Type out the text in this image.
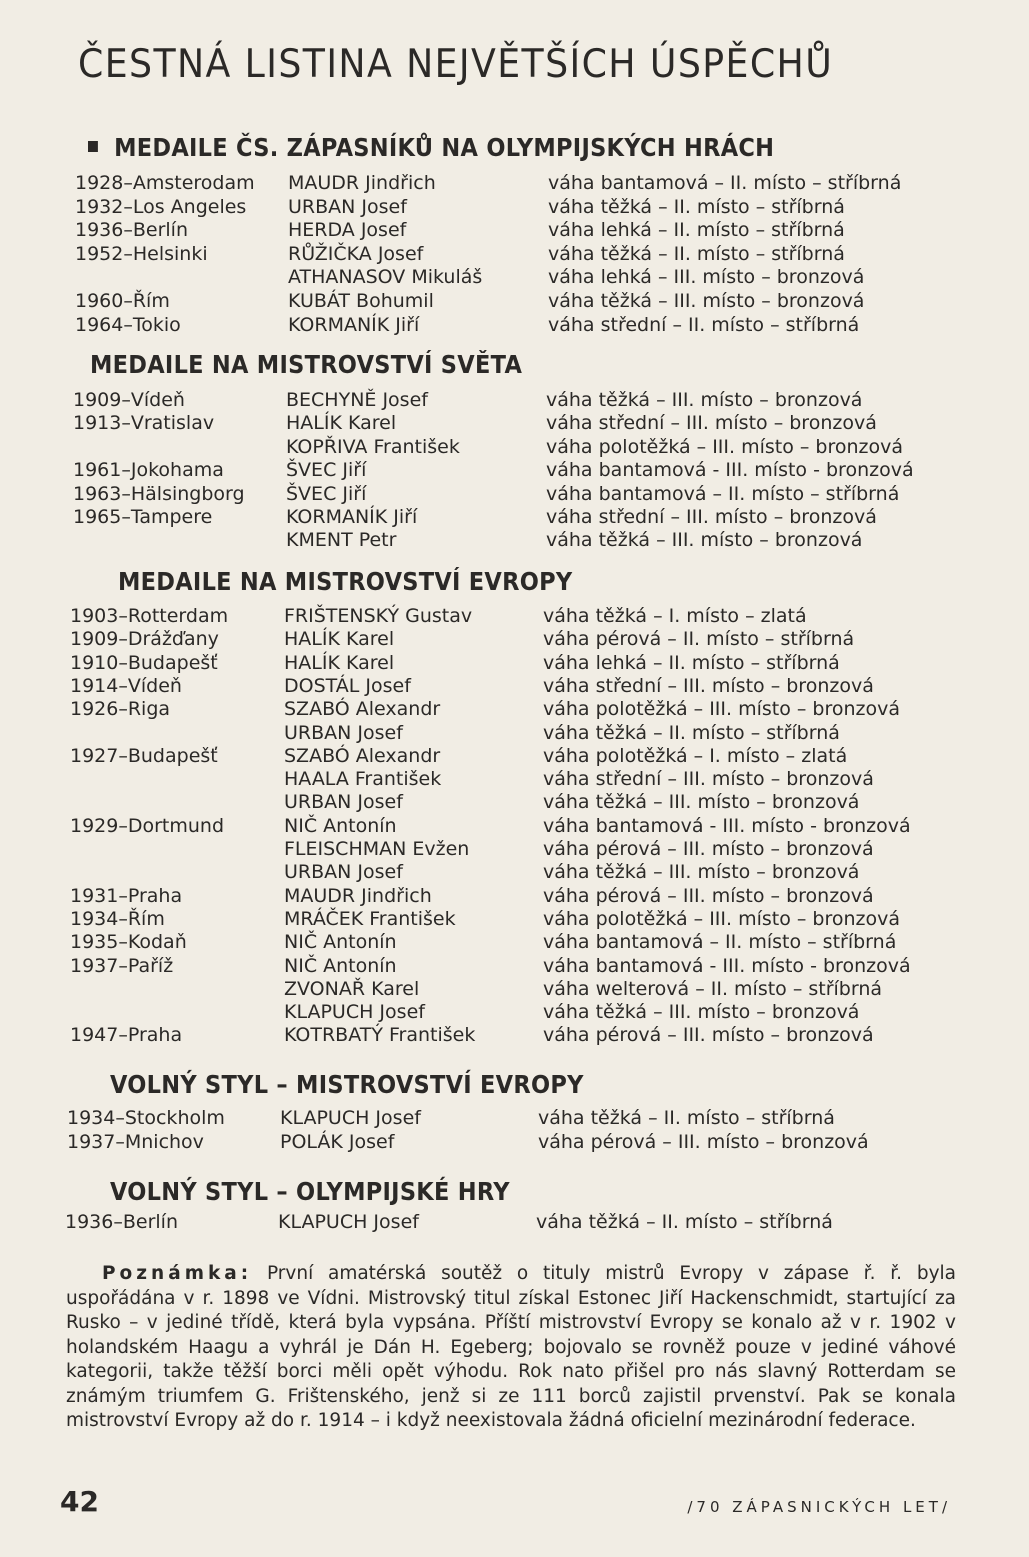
ČESTNÁ LISTINA NEJVĚTŠÍCH ÚSPĚCHŮ
MEDAILE ČS. ZÁPASNÍKŮ NA OLYMPIJSKÝCH HRÁCH
1928–Amsterodam MAUDR Jindřich	váha bantamová – II. místo – stříbrná
1932–Los Angeles URBAN Josef	váha těžká – II. místo – stříbrná
1936–Berlín	HERDA Josef	váha lehká – II. místo – stříbrná
1952–Helsinki	RŮŽIČKA Josef	váha těžká – II. místo – stříbrná
ATHANASOV Mikuláš	váha lehká – III. místo – bronzová
1960–Řím	KUBÁT Bohumil	váha těžká – III. místo – bronzová
1964–Tokio	KORMANÍK Jiří	váha střední – II. místo – stříbrná
MEDAILE NA MISTROVSTVÍ SVĚTA
1909–Vídeň	BECHYNĚ Josef	váha těžká – III. místo – bronzová
1913–Vratislav	HALÍK Karel	váha střední – III. místo – bronzová
KOPŘIVA František	váha polotěžká – III. místo – bronzová
1961–Jokohama	ŠVEC Jiří	váha bantamová - III. místo - bronzová
1963–Hälsingborg ŠVEC Jiří	váha bantamová – II. místo – stříbrná
1965–Tampere	KORMANÍK Jiří	váha střední – III. místo – bronzová
KMENT Petr	váha těžká – III. místo – bronzová
MEDAILE NA MISTROVSTVÍ EVROPY
1903–Rotterdam	FRIŠTENSKÝ Gustav	váha těžká – I. místo – zlatá
1909–Drážďany	HALÍK Karel	váha pérová – II. místo – stříbrná
1910–Budapešť	HALÍK Karel	váha lehká – II. místo – stříbrná
1914–Vídeň	DOSTÁL Josef	váha střední – III. místo – bronzová
1926–Riga	SZABÓ Alexandr	váha polotěžká – III. místo – bronzová
URBAN Josef	váha těžká – II. místo – stříbrná
1927–Budapešť	SZABÓ Alexandr	váha polotěžká – I. místo – zlatá
HAALA František	váha střední – III. místo – bronzová
URBAN Josef	váha těžká – III. místo – bronzová
1929–Dortmund	NIČ Antonín	váha bantamová - III. místo - bronzová
FLEISCHMAN Evžen	váha pérová – III. místo – bronzová
URBAN Josef	váha těžká – III. místo – bronzová
1931–Praha	MAUDR Jindřich	váha pérová – III. místo – bronzová
1934–Řím	MRÁČEK František	váha polotěžká – III. místo – bronzová
1935–Kodaň	NIČ Antonín	váha bantamová – II. místo – stříbrná
1937–Paříž	NIČ Antonín	váha bantamová - III. místo - bronzová
ZVONAŘ Karel	váha welterová – II. místo – stříbrná
KLAPUCH Josef	váha těžká – III. místo – bronzová
1947–Praha	KOTRBATÝ František	váha pérová – III. místo – bronzová
VOLNÝ STYL – MISTROVSTVÍ EVROPY
1934–Stockholm	KLAPUCH Josef	váha těžká – II. místo – stříbrná
1937–Mnichov	POLÁK Josef	váha pérová – III. místo – bronzová
VOLNÝ STYL – OLYMPIJSKÉ HRY
1936–Berlín	KLAPUCH Josef	váha těžká – II. místo – stříbrná

Poznámka: První amatérská soutěž o tituly mistrů Evropy v zápase ř. ř. byla uspořádána v r. 1898 ve Vídni. Mistrovský titul získal Estonec Jiří Hackenschmidt, startující za Rusko – v jediné třídě, která byla vypsána. Příští mistrovství Evropy se konalo až v r. 1902 v holandském Haagu a vyhrál je Dán H. Egeberg; bojovalo se rovněž pouze v jediné váhové kategorii, takže těžší borci měli opět výhodu. Rok nato přišel pro nás slavný Rotterdam se známým triumfem G. Frištenského, jenž si ze 111 borců zajistil prvenství. Pak se konala mistrovství Evropy až do r. 1914 – i když neexistovala žádná oficielní mezinárodní federace.

42	/70 ZÁPASNICKÝCH LET/
